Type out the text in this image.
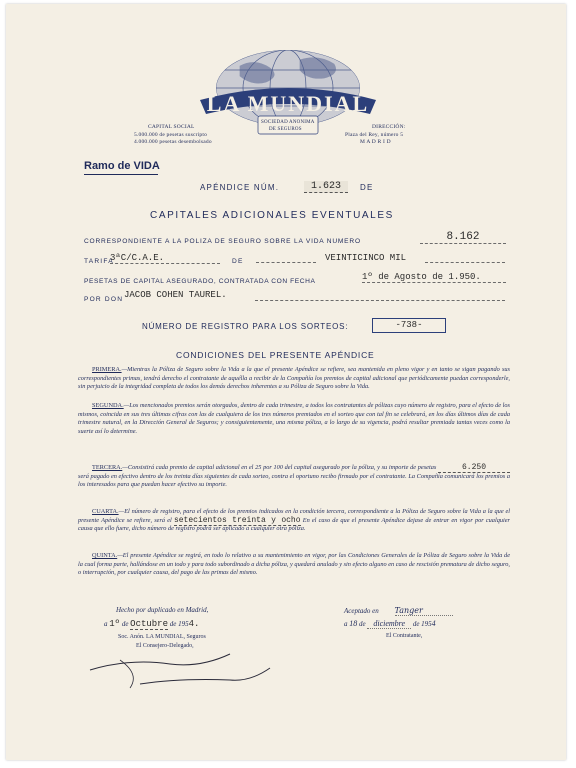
LA MUNDIAL
SOCIEDAD ANONIMA
DE SEGUROS
CAPITAL SOCIAL
5.000.000 de pesetas suscripto
4.000.000 pesetas desembolsado
DIRECCIÓN:
Plaza del Rey, número 5
M A D R I D
Ramo de VIDA
APÉNDICE NÚM.	1.623	DE
CAPITALES ADICIONALES EVENTUALES
CORRESPONDIENTE A LA POLIZA DE SEGURO SOBRE LA VIDA NUMERO	8.162
TARIFA
3ªC/C.A.E.	DE	VEINTICINCO MIL
PESETAS DE CAPITAL ASEGURADO, CONTRATADA CON FECHA	1º de Agosto de 1.950.
POR DON JACOB COHEN TAUREL.
NÚMERO DE REGISTRO PARA LOS SORTEOS:	-738-
CONDICIONES DEL PRESENTE APÉNDICE
PRIMERA.—Mientras la Póliza de Seguro sobre la Vida a la que el presente Apéndice se refiere, sea mantenida en pleno vigor y en tanto se sigan pagando sus correspondientes primas, tendrá derecho el contratante de aquélla a recibir de la Compañía los premios de capital adicional que periódicamente puedan corresponderle, sin perjuicio de la integridad completa de todos los demás derechos inherentes a su Póliza de Seguro sobre la Vida.
SEGUNDA.—Los mencionados premios serán otorgados, dentro de cada trimestre, a todos los contratantes de pólizas cuyo número de registro, para el efecto de los mismos, coincida en sus tres últimas cifras con las de cualquiera de los tres números premiados en el sorteo que con tal fin se celebrará, en los días últimos días de cada trimestre natural, en la Dirección General de Seguros; y consiguientemente, una misma póliza, a lo largo de su vigencia, podrá resultar premiada tantas veces como la suerte así lo determine.
TERCERA.—Consistirá cada premio de capital adicional en el 25 por 100 del capital asegurado por la póliza, y su importe de pesetas	6.250 será pagado en efectivo dentro de los treinta días siguientes de cada sorteo, contra el oportuno recibo firmado por el contratante. La Compañía comunicará los premios a los interesados para que puedan hacer efectivo su importe.
CUARTA.—El número de registro, para el efecto de los premios indicados en la condición tercera, correspondiente a la Póliza de Seguro sobre la Vida a la que el presente Apéndice se refiere, será el setecientos treinta y ocho En el caso de que el presente Apéndice dejase de entrar en vigor por cualquier causa que ello fuere, dicho número de registro podrá ser aplicado a cualquier otra póliza.
QUINTA.—El presente Apéndice se regirá, en todo lo relativo a su mantenimiento en vigor, por las Condiciones Generales de la Póliza de Seguro sobre la Vida de la cual forma parte, hallándose en un todo y para todo subordinado a dicha póliza, y quedará anulado y sin efecto alguno en caso de rescisión prematura de dicho seguro, o interrupción, por cualquier causa, del pago de las primas del mismo.
Hecho por duplicado en Madrid,
a 1º de Octubre de 1954.
Soc. Anón. LA MUNDIAL, Seguros
El Consejero-Delegado,
Aceptado en Tanger
a 18 de diciembre de 1954
El Contratante,
